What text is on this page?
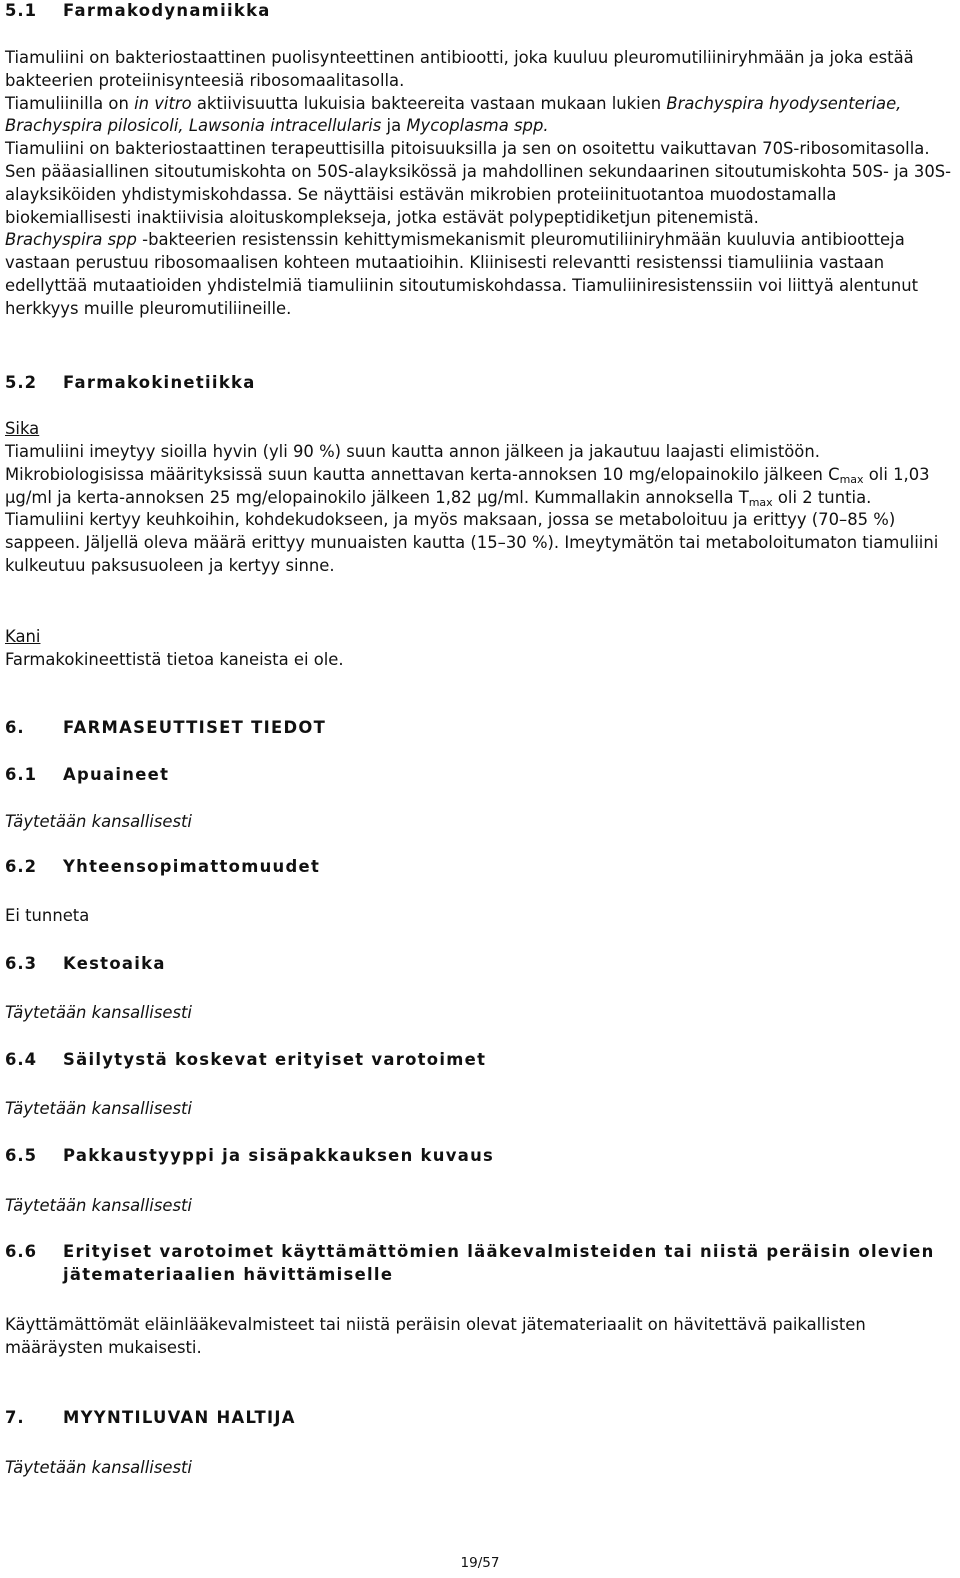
5.1 Farmakodynamiikka

Tiamuliini on bakteriostaattinen puolisynteettinen antibiootti, joka kuuluu pleuromutiliiniryhmään ja joka estää bakteerien proteiinisynteesiä ribosomaalitasolla.

Tiamuliinilla on in vitro aktiivisuutta lukuisia bakteereita vastaan mukaan lukien Brachyspira hyodysenteriae, Brachyspira pilosicoli, Lawsonia intracellularis ja Mycoplasma spp.

Tiamuliini on bakteriostaattinen terapeuttisilla pitoisuuksilla ja sen on osoitettu vaikuttavan 70S-ribosomitasolla. Sen pääasiallinen sitoutumiskohta on 50S-alayksikössä ja mahdollinen sekundaarinen sitoutumiskohta 50S- ja 30S-alayksiköiden yhdistymiskohdassa. Se näyttäisi estävän mikrobien proteiinituotantoa muodostamalla biokemiallisesti inaktiivisia aloituskomplekseja, jotka estävät polypeptidiketjun pitenemistä.

Brachyspira spp -bakteerien resistenssin kehittymismekanismit pleuromutiliiniryhmään kuuluvia antibiootteja vastaan perustuu ribosomaalisen kohteen mutaatioihin. Kliinisesti relevantti resistenssi tiamuliinia vastaan edellyttää mutaatioiden yhdistelmiä tiamuliinin sitoutumiskohdassa. Tiamuliiniresistenssiin voi liittyä alentunut herkkyys muille pleuromutiliineille.

5.2 Farmakokinetiikka

Sika

Tiamuliini imeytyy sioilla hyvin (yli 90 %) suun kautta annon jälkeen ja jakautuu laajasti elimistöön. Mikrobiologisissa määrityksissä suun kautta annettavan kerta-annoksen 10 mg/elopainokilo jälkeen $C_{max}$ oli 1,03 µg/ml ja kerta-annoksen 25 mg/elopainokilo jälkeen 1,82 µg/ml. Kummallakin annoksella $T_{max}$ oli 2 tuntia. Tiamuliini kertyy keuhkoihin, kohdekudokseen, ja myös maksaan, jossa se metaboloituu ja erittyy (70–85 %) sappeen. Jäljellä oleva määrä erittyy munuaisten kautta (15–30 %). Imeytymätön tai metaboloitumaton tiamuliini kulkeutuu paksusuoleen ja kertyy sinne.

Kani

Farmakokineettistä tietoa kaneista ei ole.

6. FARMASEUTTISET TIEDOT
6.1 Apuaineet

Täytetään kansallisesti

6.2 Yhteensopimattomuudet

Ei tunneta

6.3 Kestoaika

Täytetään kansallisesti

6.4 Säilytystä koskevat erityiset varotoimet

Täytetään kansallisesti

6.5 Pakkaustyyppi ja sisäpakkauksen kuvaus

Täytetään kansallisesti

6.6 Erityiset varotoimet käyttämättömien lääkevalmisteiden tai niistä peräisin olevien
jätemateriaalien hävittämiselle

Käyttämättömät eläinlääkevalmisteet tai niistä peräisin olevat jätemateriaalit on hävitettävä paikallisten määräysten mukaisesti.

7. MYYNTILUVAN HALTIJA

Täytetään kansallisesti

19/57
